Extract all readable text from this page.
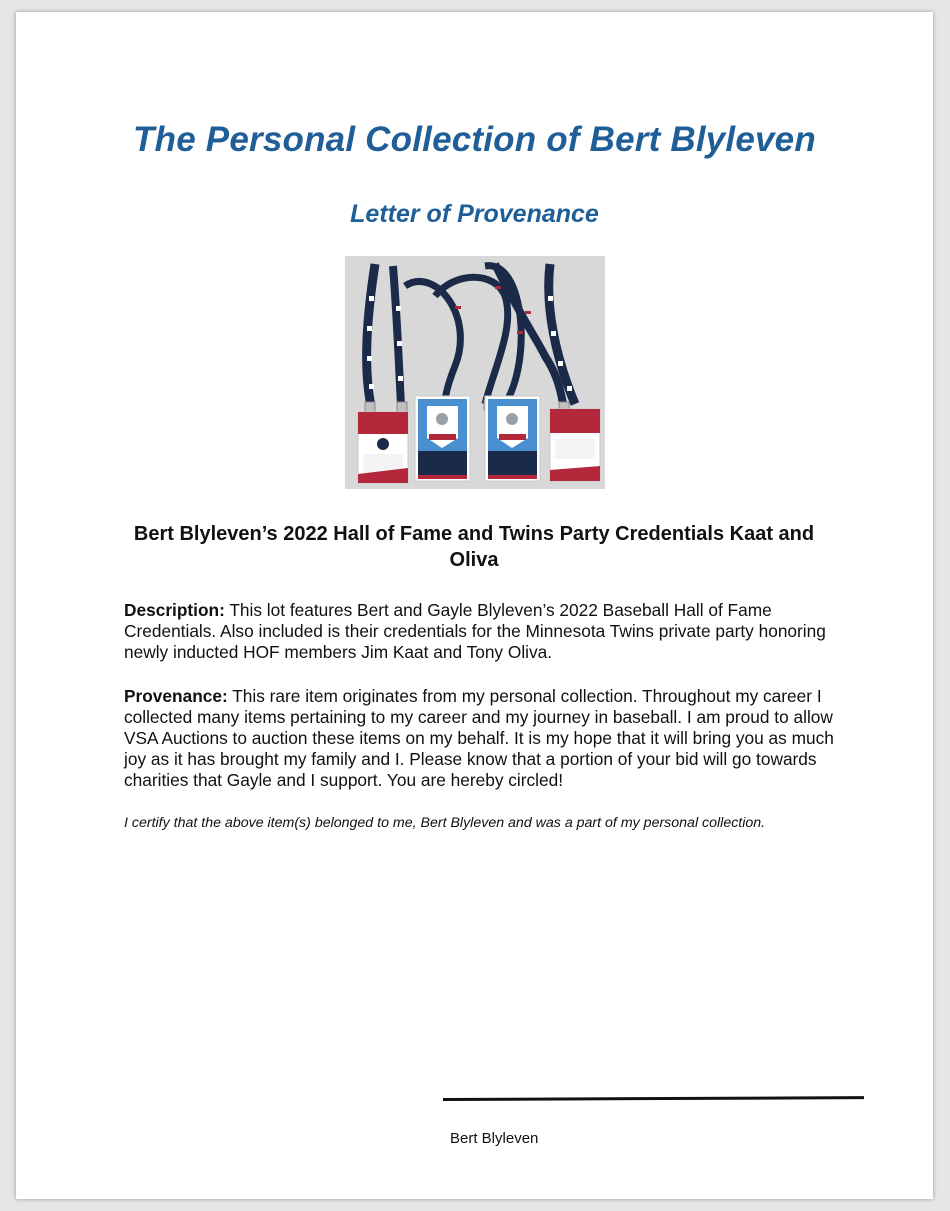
The Personal Collection of Bert Blyleven
Letter of Provenance
Bert Blyleven’s 2022 Hall of Fame and Twins Party Credentials Kaat and Oliva
Description: This lot features Bert and Gayle Blyleven’s 2022 Baseball Hall of Fame Credentials. Also included is their credentials for the Minnesota Twins private party honoring newly inducted HOF members Jim Kaat and Tony Oliva.
Provenance: This rare item originates from my personal collection. Throughout my career I collected many items pertaining to my career and my journey in baseball. I am proud to allow VSA Auctions to auction these items on my behalf. It is my hope that it will bring you as much joy as it has brought my family and I. Please know that a portion of your bid will go towards charities that Gayle and I support. You are hereby circled!
I certify that the above item(s) belonged to me, Bert Blyleven and was a part of my personal collection.
Bert Blyleven
